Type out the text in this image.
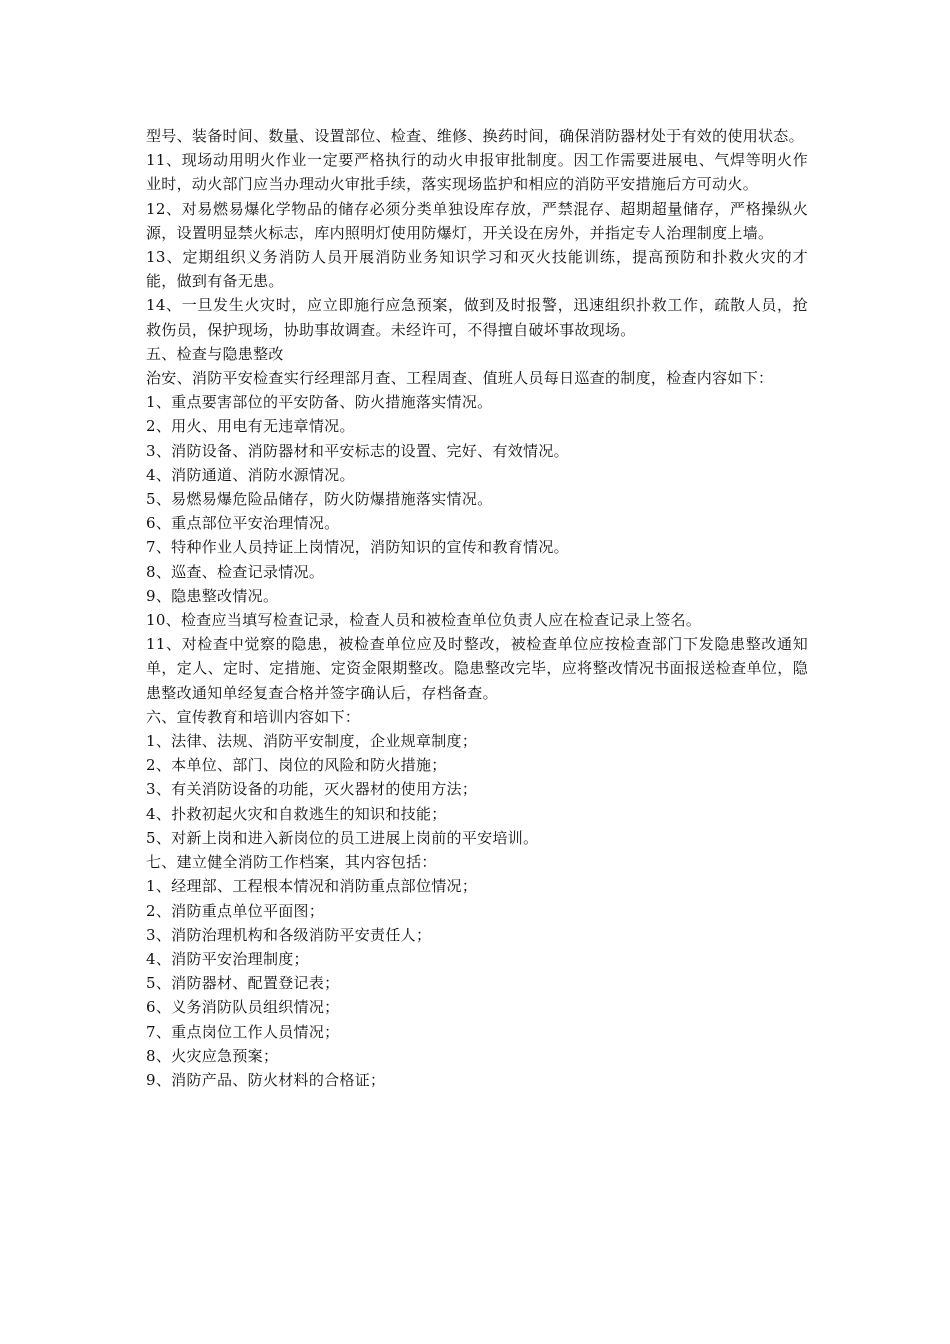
型号、装备时间、数量、设置部位、检查、维修、换药时间，确保消防器材处于有效的使用状态。

11、现场动用明火作业一定要严格执行的动火申报审批制度。因工作需要进展电、气焊等明火作业时，动火部门应当办理动火审批手续，落实现场监护和相应的消防平安措施后方可动火。

12、对易燃易爆化学物品的储存必须分类单独设库存放，严禁混存、超期超量储存，严格操纵火源，设置明显禁火标志，库内照明灯使用防爆灯，开关设在房外，并指定专人治理制度上墙。

13、定期组织义务消防人员开展消防业务知识学习和灭火技能训练，提高预防和扑救火灾的才能，做到有备无患。

14、一旦发生火灾时，应立即施行应急预案，做到及时报警，迅速组织扑救工作，疏散人员，抢救伤员，保护现场，协助事故调查。未经许可，不得擅自破坏事故现场。

五、检查与隐患整改

治安、消防平安检查实行经理部月查、工程周查、值班人员每日巡查的制度，检查内容如下：

1、重点要害部位的平安防备、防火措施落实情况。

2、用火、用电有无违章情况。

3、消防设备、消防器材和平安标志的设置、完好、有效情况。

4、消防通道、消防水源情况。

5、易燃易爆危险品储存，防火防爆措施落实情况。

6、重点部位平安治理情况。

7、特种作业人员持证上岗情况，消防知识的宣传和教育情况。

8、巡查、检查记录情况。

9、隐患整改情况。

10、检查应当填写检查记录，检查人员和被检查单位负责人应在检查记录上签名。

11、对检查中觉察的隐患，被检查单位应及时整改，被检查单位应按检查部门下发隐患整改通知单，定人、定时、定措施、定资金限期整改。隐患整改完毕，应将整改情况书面报送检查单位，隐患整改通知单经复查合格并签字确认后，存档备查。

六、宣传教育和培训内容如下：

1、法律、法规、消防平安制度，企业规章制度；

2、本单位、部门、岗位的风险和防火措施；

3、有关消防设备的功能，灭火器材的使用方法；

4、扑救初起火灾和自救逃生的知识和技能；

5、对新上岗和进入新岗位的员工进展上岗前的平安培训。

七、建立健全消防工作档案，其内容包括：

1、经理部、工程根本情况和消防重点部位情况；

2、消防重点单位平面图；

3、消防治理机构和各级消防平安责任人；

4、消防平安治理制度；

5、消防器材、配置登记表；

6、义务消防队员组织情况；

7、重点岗位工作人员情况；

8、火灾应急预案；

9、消防产品、防火材料的合格证；
